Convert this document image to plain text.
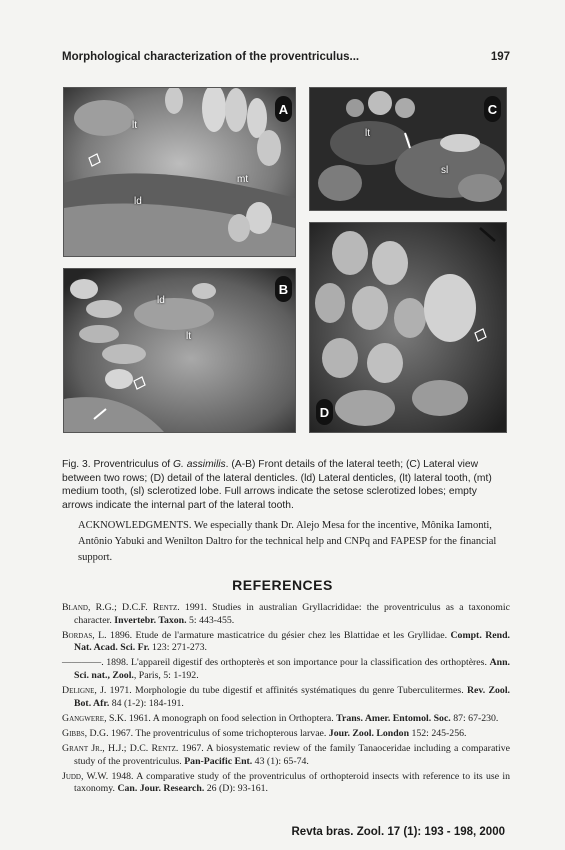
Morphological characterization of the proventriculus...	197
A
lt
mt
ld
C
lt
sl
B
ld
lt
D
Fig. 3. Proventriculus of G. assimilis. (A-B) Front details of the lateral teeth; (C) Lateral view between two rows; (D) detail of the lateral denticles. (ld) Lateral denticles, (lt) lateral tooth, (mt) medium tooth, (sl) sclerotized lobe. Full arrows indicate the setose sclerotized lobes; empty arrows indicate the internal part of the lateral tooth.
ACKNOWLEDGMENTS. We especially thank Dr. Alejo Mesa for the incentive, Mônika Iamonti, Antônio Yabuki and Wenilton Daltro for the technical help and CNPq and FAPESP for the financial support.
REFERENCES
Bland, R.G.; D.C.F. Rentz. 1991. Studies in australian Gryllacrididae: the proventriculus as a taxonomic character. Invertebr. Taxon. 5: 443-455.
Bordas, L. 1896. Etude de l'armature masticatrice du gésier chez les Blattidae et les Gryllidae. Compt. Rend. Nat. Acad. Sci. Fr. 123: 271-273.
————. 1898. L'appareil digestif des orthopterès et son importance pour la classification des orthoptères. Ann. Sci. nat., Zool., Paris, 5: 1-192.
Deligne, J. 1971. Morphologie du tube digestif et affinités systématiques du genre Tuberculitermes. Rev. Zool. Bot. Afr. 84 (1-2): 184-191.
Gangwere, S.K. 1961. A monograph on food selection in Orthoptera. Trans. Amer. Entomol. Soc. 87: 67-230.
Gibbs, D.G. 1967. The proventriculus of some trichopterous larvae. Jour. Zool. London 152: 245-256.
Grant Jr., H.J.; D.C. Rentz. 1967. A biosystematic review of the family Tanaoceridae including a comparative study of the proventriculus. Pan-Pacific Ent. 43 (1): 65-74.
Judd, W.W. 1948. A comparative study of the proventriculus of orthopteroid insects with reference to its use in taxonomy. Can. Jour. Research. 26 (D): 93-161.
Revta bras. Zool. 17 (1): 193 - 198, 2000
